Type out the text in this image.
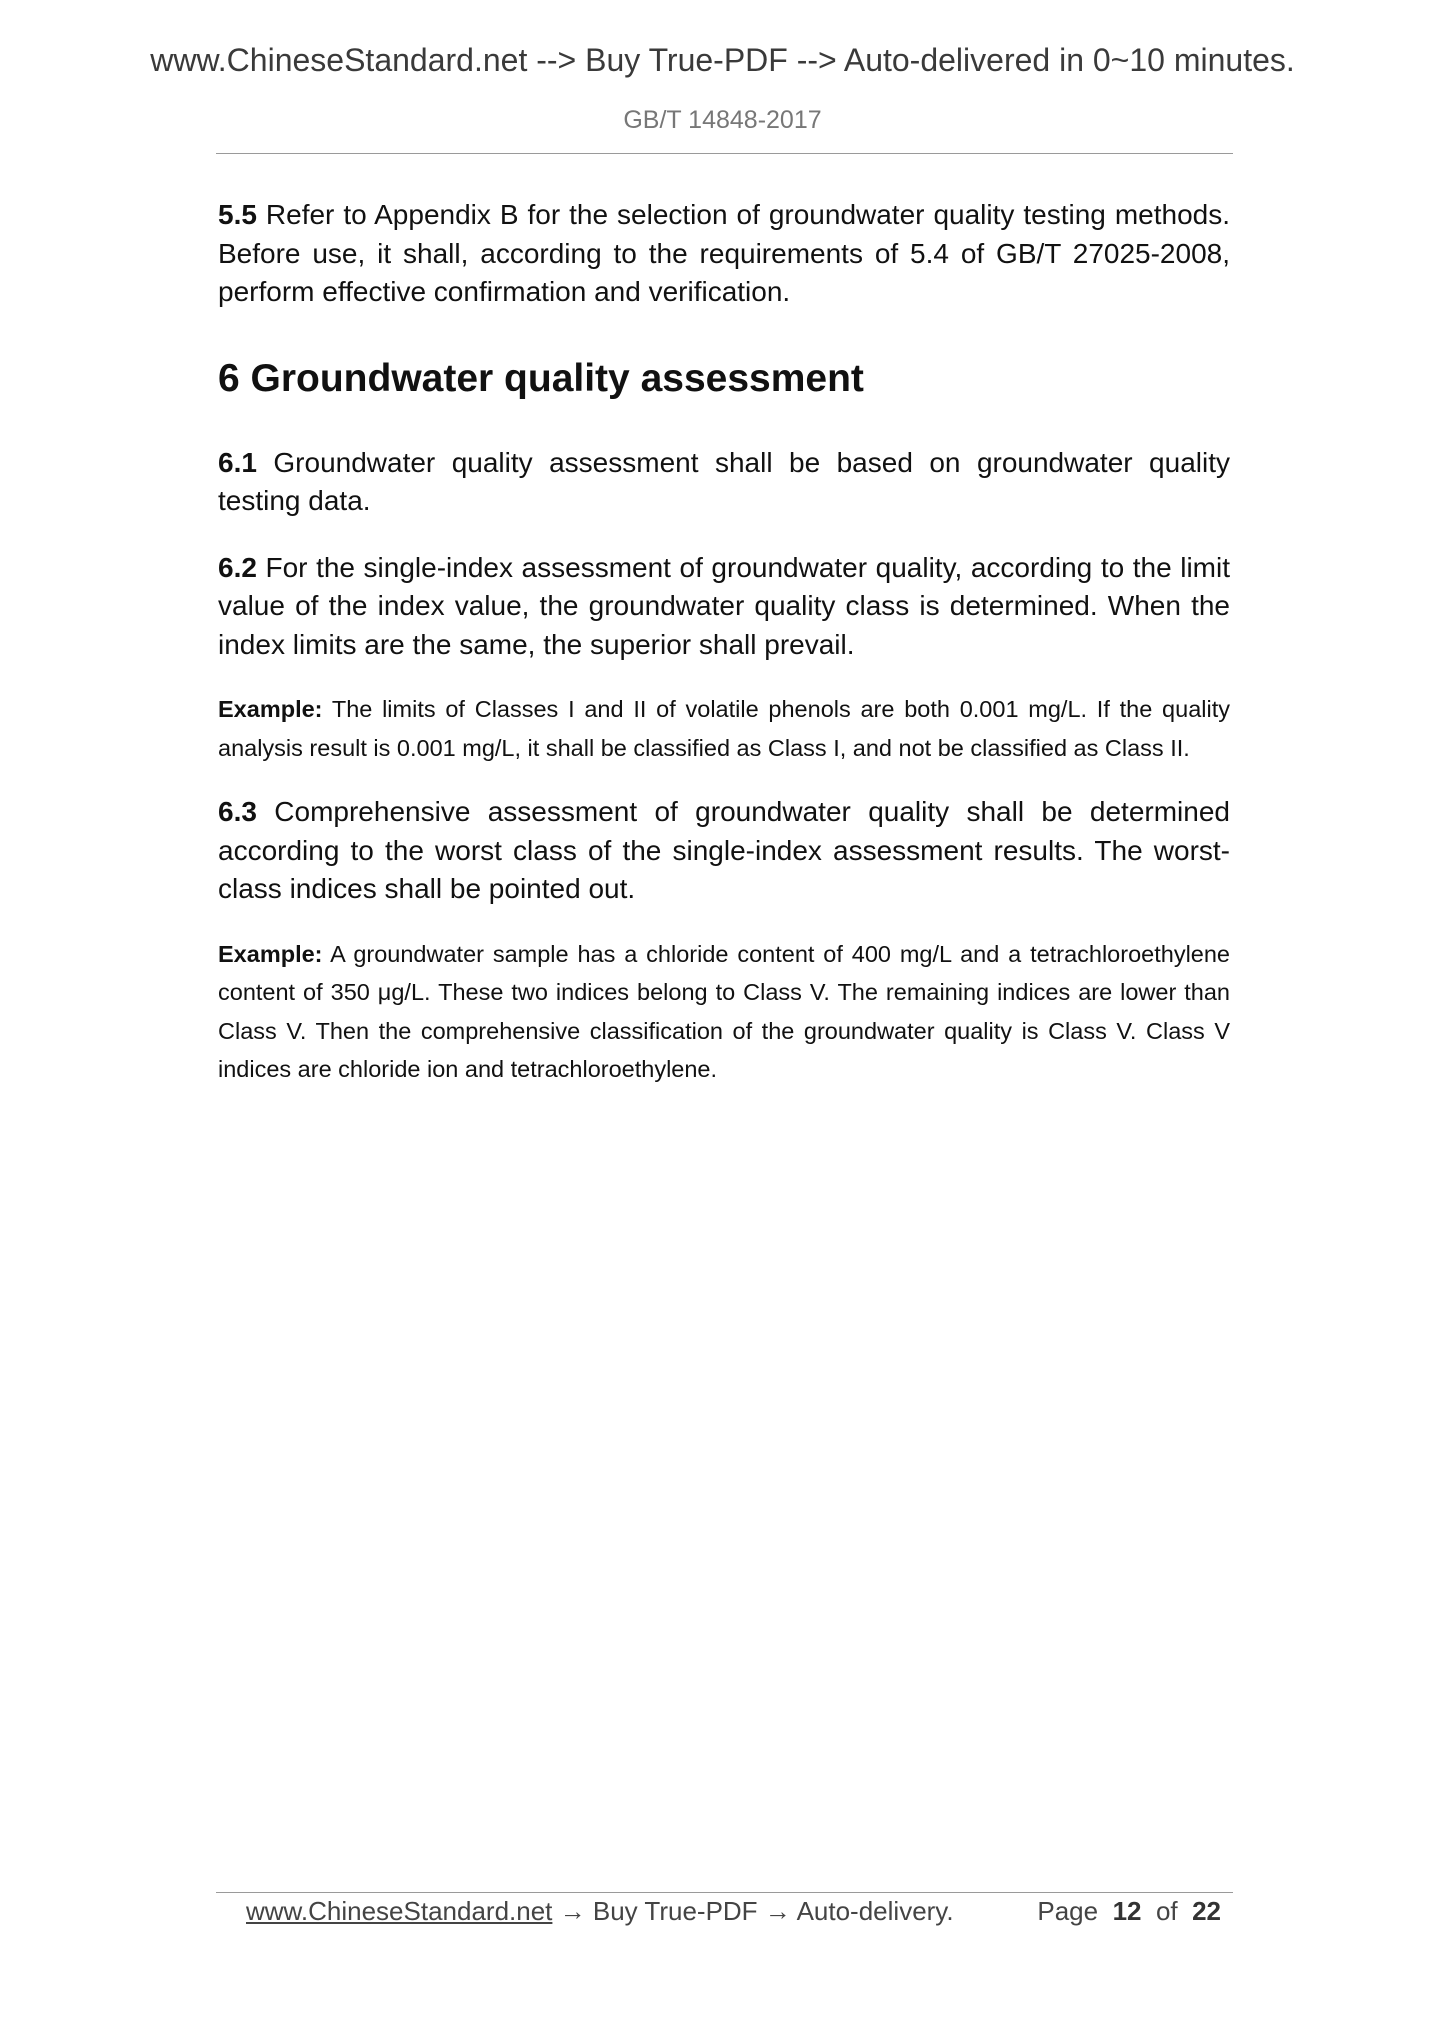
www.ChineseStandard.net --> Buy True-PDF --> Auto-delivered in 0~10 minutes.
GB/T 14848-2017

5.5 Refer to Appendix B for the selection of groundwater quality testing methods. Before use, it shall, according to the requirements of 5.4 of GB/T 27025-2008, perform effective confirmation and verification.

6 Groundwater quality assessment

6.1 Groundwater quality assessment shall be based on groundwater quality testing data.

6.2 For the single-index assessment of groundwater quality, according to the limit value of the index value, the groundwater quality class is determined. When the index limits are the same, the superior shall prevail.

Example: The limits of Classes I and II of volatile phenols are both 0.001 mg/L. If the quality analysis result is 0.001 mg/L, it shall be classified as Class I, and not be classified as Class II.

6.3 Comprehensive assessment of groundwater quality shall be determined according to the worst class of the single-index assessment results. The worst-class indices shall be pointed out.

Example: A groundwater sample has a chloride content of 400 mg/L and a tetrachloroethylene content of 350 μg/L. These two indices belong to Class V. The remaining indices are lower than Class V. Then the comprehensive classification of the groundwater quality is Class V. Class V indices are chloride ion and tetrachloroethylene.

www.ChineseStandard.net → Buy True-PDF → Auto-delivery.	Page 12 of 22
